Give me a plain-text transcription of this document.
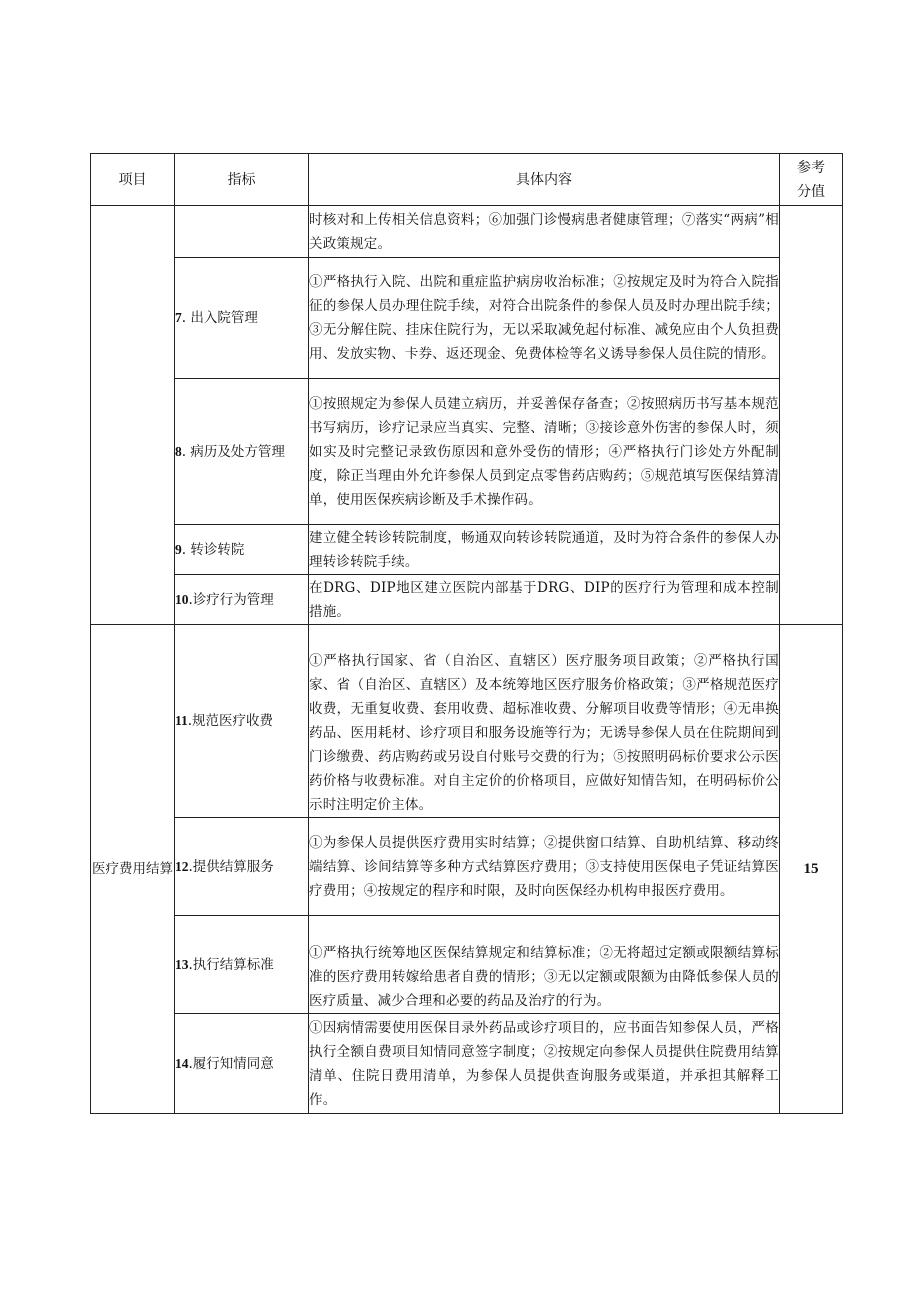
项目	指标	具体内容	参考
分值

		时核对和上传相关信息资料；⑥加强门诊慢病患者健康管理；⑦落实“两病”相关政策规定。	
	7. 出入院管理	①严格执行入院、出院和重症监护病房收治标准；②按规定及时为符合入院指征的参保人员办理住院手续，对符合出院条件的参保人员及时办理出院手续；③无分解住院、挂床住院行为，无以采取减免起付标准、减免应由个人负担费用、发放实物、卡券、返还现金、免费体检等名义诱导参保人员住院的情形。	
	8. 病历及处方管理	①按照规定为参保人员建立病历，并妥善保存备查；②按照病历书写基本规范书写病历，诊疗记录应当真实、完整、清晰；③接诊意外伤害的参保人时，须如实及时完整记录致伤原因和意外受伤的情形；④严格执行门诊处方外配制度，除正当理由外允许参保人员到定点零售药店购药；⑤规范填写医保结算清单，使用医保疾病诊断及手术操作码。	
	9. 转诊转院	建立健全转诊转院制度，畅通双向转诊转院通道，及时为符合条件的参保人办理转诊转院手续。	
	10.诊疗行为管理	在DRG、DIP地区建立医院内部基于DRG、DIP的医疗行为管理和成本控制措施。	
医疗费用结算	11.规范医疗收费	①严格执行国家、省（自治区、直辖区）医疗服务项目政策；②严格执行国家、省（自治区、直辖区）及本统筹地区医疗服务价格政策；③严格规范医疗收费，无重复收费、套用收费、超标准收费、分解项目收费等情形；④无串换药品、医用耗材、诊疗项目和服务设施等行为；无诱导参保人员在住院期间到门诊缴费、药店购药或另设自付账号交费的行为；⑤按照明码标价要求公示医药价格与收费标准。对自主定价的价格项目，应做好知情告知，在明码标价公示时注明定价主体。	15
	12.提供结算服务	①为参保人员提供医疗费用实时结算；②提供窗口结算、自助机结算、移动终端结算、诊间结算等多种方式结算医疗费用；③支持使用医保电子凭证结算医疗费用；④按规定的程序和时限，及时向医保经办机构申报医疗费用。	
	13.执行结算标准	①严格执行统筹地区医保结算规定和结算标准；②无将超过定额或限额结算标准的医疗费用转嫁给患者自费的情形；③无以定额或限额为由降低参保人员的医疗质量、减少合理和必要的药品及治疗的行为。	

	14.履行知情同意	①因病情需要使用医保目录外药品或诊疗项目的，应书面告知参保人员，严格执行全额自费项目知情同意签字制度；②按规定向参保人员提供住院费用结算清单、住院日费用清单，为参保人员提供查询服务或渠道，并承担其解释工作。	
